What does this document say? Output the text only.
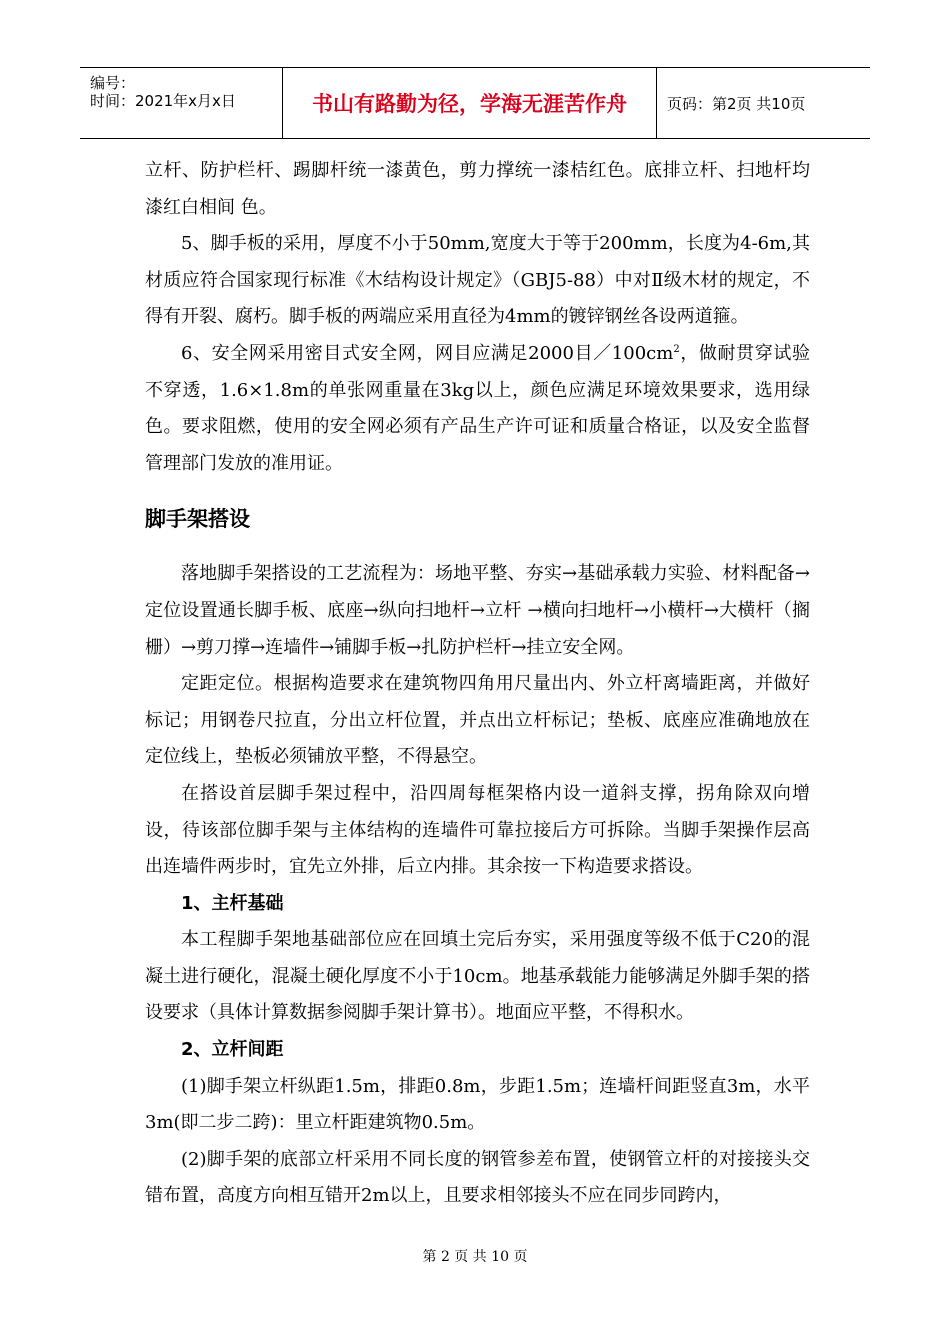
编号：
时间：2021年x月x日	书山有路勤为径，学海无涯苦作舟	页码：第2页 共10页

立杆、防护栏杆、踢脚杆统一漆黄色，剪力撑统一漆桔红色。底排立杆、扫地杆均漆红白相间 色。

5、脚手板的采用，厚度不小于50mm,宽度大于等于200mm，长度为4-6m,其材质应符合国家现行标准《木结构设计规定》（GBJ5-88）中对Ⅱ级木材的规定，不得有开裂、腐朽。脚手板的两端应采用直径为4mm的镀锌钢丝各设两道箍。

6、安全网采用密目式安全网，网目应满足2000目$/100cm^2$，做耐贯穿试验不穿透，1.6×1.8m的单张网重量在3kg以上，颜色应满足环境效果要求，选用绿色。要求阻燃，使用的安全网必须有产品生产许可证和质量合格证，以及安全监督管理部门发放的准用证。

脚手架搭设

落地脚手架搭设的工艺流程为：场地平整、夯实→基础承载力实验、材料配备→定位设置通长脚手板、底座→纵向扫地杆→立杆 →横向扫地杆→小横杆→大横杆（搁栅）→剪刀撑→连墙件→铺脚手板→扎防护栏杆→挂立安全网。

定距定位。根据构造要求在建筑物四角用尺量出内、外立杆离墙距离，并做好标记；用钢卷尺拉直，分出立杆位置，并点出立杆标记；垫板、底座应准确地放在定位线上，垫板必须铺放平整，不得悬空。

在搭设首层脚手架过程中，沿四周每框架格内设一道斜支撑，拐角除双向增设，待该部位脚手架与主体结构的连墙件可靠拉接后方可拆除。当脚手架操作层高出连墙件两步时，宜先立外排，后立内排。其余按一下构造要求搭设。

1、主杆基础

本工程脚手架地基础部位应在回填土完后夯实，采用强度等级不低于C20的混凝土进行硬化，混凝土硬化厚度不小于10cm。地基承载能力能够满足外脚手架的搭设要求（具体计算数据参阅脚手架计算书）。地面应平整，不得积水。

2、立杆间距

(1)脚手架立杆纵距1.5m，排距0.8m，步距1.5m；连墙杆间距竖直3m，水平3m(即二步二跨)：里立杆距建筑物0.5m。

(2)脚手架的底部立杆采用不同长度的钢管参差布置，使钢管立杆的对接接头交错布置，高度方向相互错开2m以上，且要求相邻接头不应在同步同跨内，

第 2 页 共 10 页
